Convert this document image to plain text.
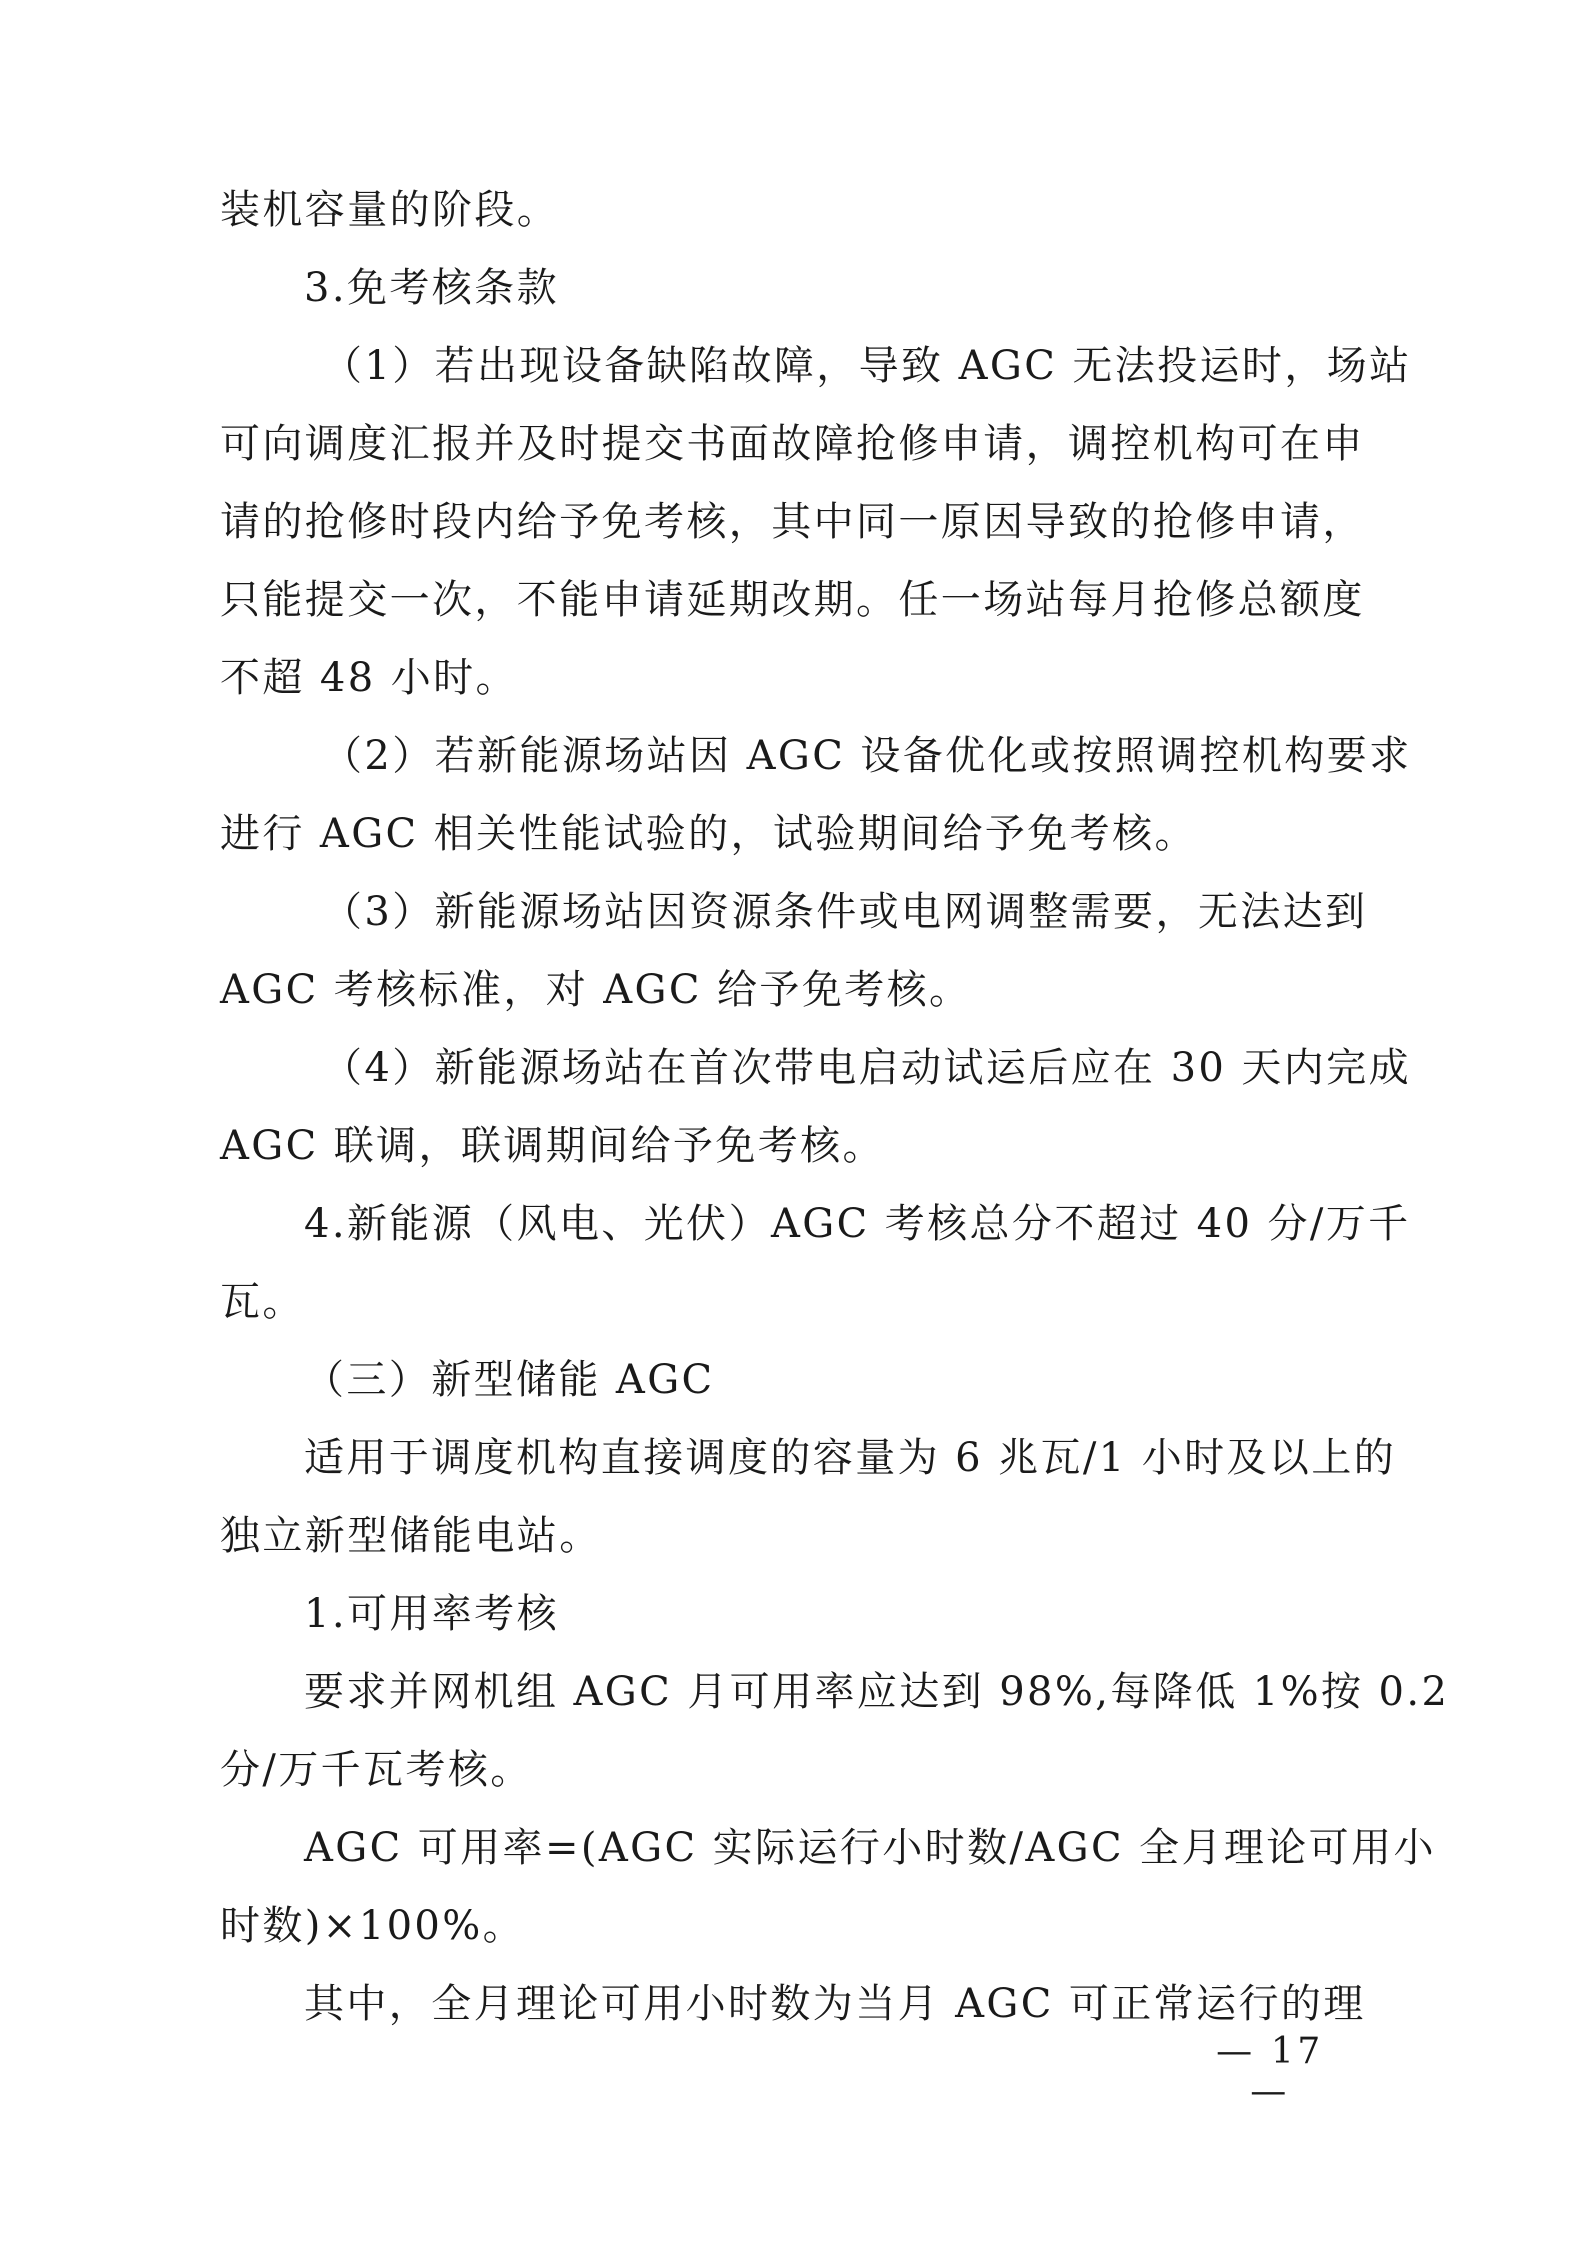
装机容量的阶段。
3.免考核条款
（1）若出现设备缺陷故障，导致 AGC 无法投运时，场站
可向调度汇报并及时提交书面故障抢修申请，调控机构可在申
请的抢修时段内给予免考核，其中同一原因导致的抢修申请，
只能提交一次，不能申请延期改期。任一场站每月抢修总额度
不超 48 小时。
（2）若新能源场站因 AGC 设备优化或按照调控机构要求
进行 AGC 相关性能试验的，试验期间给予免考核。
（3）新能源场站因资源条件或电网调整需要，无法达到
AGC 考核标准，对 AGC 给予免考核。
（4）新能源场站在首次带电启动试运后应在 30 天内完成
AGC 联调，联调期间给予免考核。
4.新能源（风电、光伏）AGC 考核总分不超过 40 分/万千
瓦。
（三）新型储能 AGC
适用于调度机构直接调度的容量为 6 兆瓦/1 小时及以上的
独立新型储能电站。
1.可用率考核
要求并网机组 AGC 月可用率应达到 98%,每降低 1%按 0.2
分/万千瓦考核。
AGC 可用率=(AGC 实际运行小时数/AGC 全月理论可用小
时数)×100%。
其中，全月理论可用小时数为当月 AGC 可正常运行的理
— 17 —
